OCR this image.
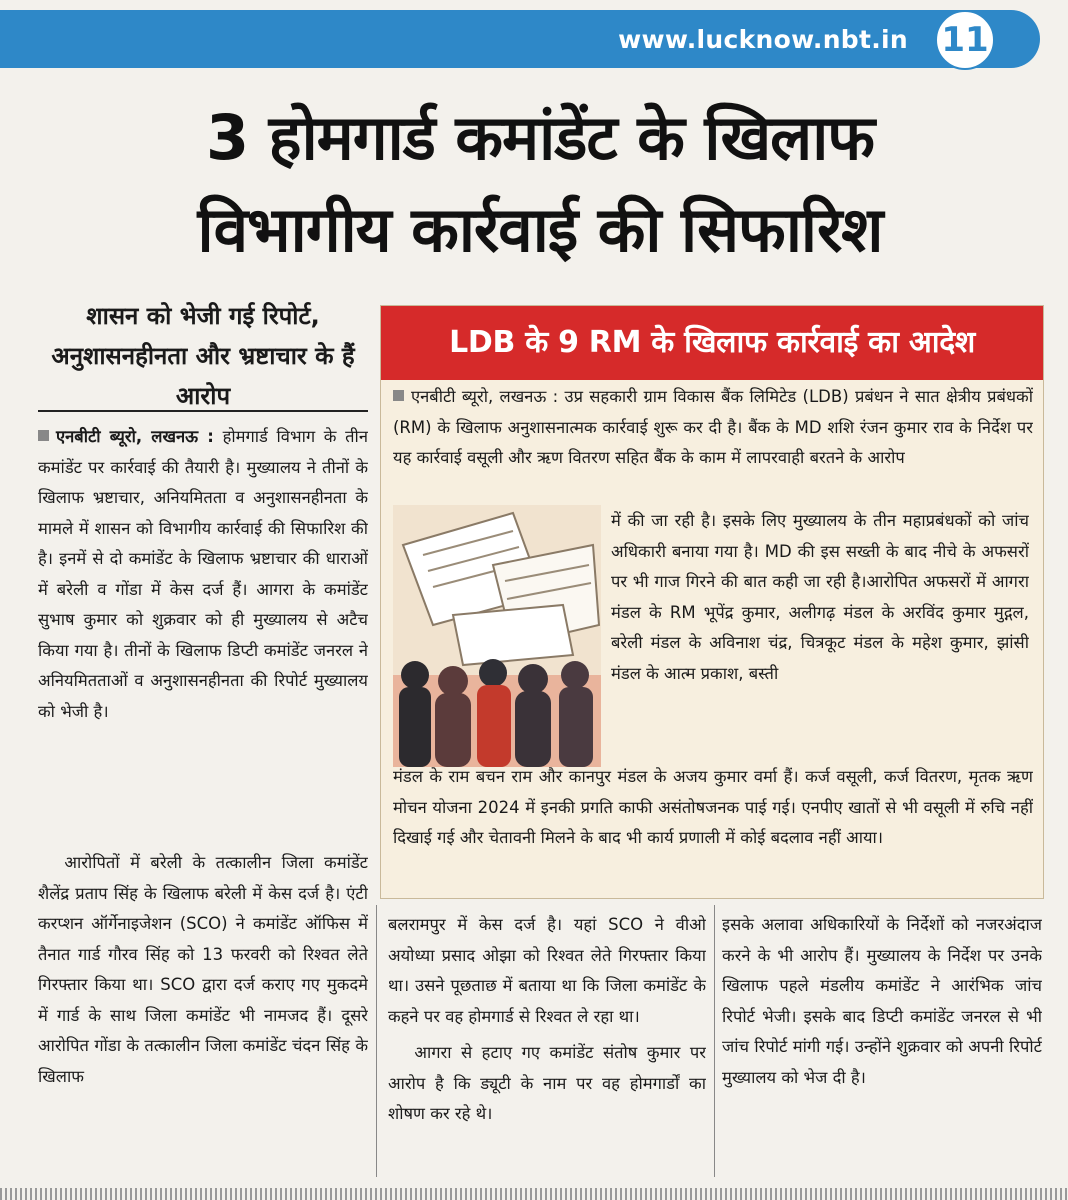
www.lucknow.nbt.in 11
3 होमगार्ड कमांडेंट के खिलाफ
विभागीय कार्रवाई की सिफारिश
शासन को भेजी गई रिपोर्ट, अनुशासनहीनता और भ्रष्टाचार के हैं आरोप

एनबीटी ब्यूरो, लखनऊ : होमगार्ड विभाग के तीन कमांडेंट पर कार्रवाई की तैयारी है। मुख्यालय ने तीनों के खिलाफ भ्रष्टाचार, अनियमितता व अनुशासनहीनता के मामले में शासन को विभागीय कार्रवाई की सिफारिश की है। इनमें से दो कमांडेंट के खिलाफ भ्रष्टाचार की धाराओं में बरेली व गोंडा में केस दर्ज हैं। आगरा के कमांडेंट सुभाष कुमार को शुक्रवार को ही मुख्यालय से अटैच किया गया है। तीनों के खिलाफ डिप्टी कमांडेंट जनरल ने अनियमितताओं व अनुशासनहीनता की रिपोर्ट मुख्यालय को भेजी है।

आरोपितों में बरेली के तत्कालीन जिला कमांडेंट शैलेंद्र प्रताप सिंह के खिलाफ बरेली में केस दर्ज है। एंटी करप्शन ऑर्गेनाइजेशन (SCO) ने कमांडेंट ऑफिस में तैनात गार्ड गौरव सिंह को 13 फरवरी को रिश्वत लेते गिरफ्तार किया था। SCO द्वारा दर्ज कराए गए मुकदमे में गार्ड के साथ जिला कमांडेंट भी नामजद हैं। दूसरे आरोपित गोंडा के तत्कालीन जिला कमांडेंट चंदन सिंह के खिलाफ

LDB के 9 RM के खिलाफ कार्रवाई का आदेश

एनबीटी ब्यूरो, लखनऊ : उप्र सहकारी ग्राम विकास बैंक लिमिटेड (LDB) प्रबंधन ने सात क्षेत्रीय प्रबंधकों (RM) के खिलाफ अनुशासनात्मक कार्रवाई शुरू कर दी है। बैंक के MD शशि रंजन कुमार राव के निर्देश पर यह कार्रवाई वसूली और ऋण वितरण सहित बैंक के काम में लापरवाही बरतने के आरोप

में की जा रही है। इसके लिए मुख्यालय के तीन महाप्रबंधकों को जांच अधिकारी बनाया गया है। MD की इस सख्ती के बाद नीचे के अफसरों पर भी गाज गिरने की बात कही जा रही है।आरोपित अफसरों में आगरा मंडल के RM भूपेंद्र कुमार, अलीगढ़ मंडल के अरविंद कुमार मुद्गल, बरेली मंडल के अविनाश चंद्र, चित्रकूट मंडल के महेश कुमार, झांसी मंडल के आत्म प्रकाश, बस्ती

मंडल के राम बचन राम और कानपुर मंडल के अजय कुमार वर्मा हैं। कर्ज वसूली, कर्ज वितरण, मृतक ऋण मोचन योजना 2024 में इनकी प्रगति काफी असंतोषजनक पाई गई। एनपीए खातों से भी वसूली में रुचि नहीं दिखाई गई और चेतावनी मिलने के बाद भी कार्य प्रणाली में कोई बदलाव नहीं आया।

बलरामपुर में केस दर्ज है। यहां SCO ने वीओ अयोध्या प्रसाद ओझा को रिश्वत लेते गिरफ्तार किया था। उसने पूछताछ में बताया था कि जिला कमांडेंट के कहने पर वह होमगार्ड से रिश्वत ले रहा था।

आगरा से हटाए गए कमांडेंट संतोष कुमार पर आरोप है कि ड्यूटी के नाम पर वह होमगार्डों का शोषण कर रहे थे।

इसके अलावा अधिकारियों के निर्देशों को नजरअंदाज करने के भी आरोप हैं। मुख्यालय के निर्देश पर उनके खिलाफ पहले मंडलीय कमांडेंट ने आरंभिक जांच रिपोर्ट भेजी। इसके बाद डिप्टी कमांडेंट जनरल से भी जांच रिपोर्ट मांगी गई। उन्होंने शुक्रवार को अपनी रिपोर्ट मुख्यालय को भेज दी है।
